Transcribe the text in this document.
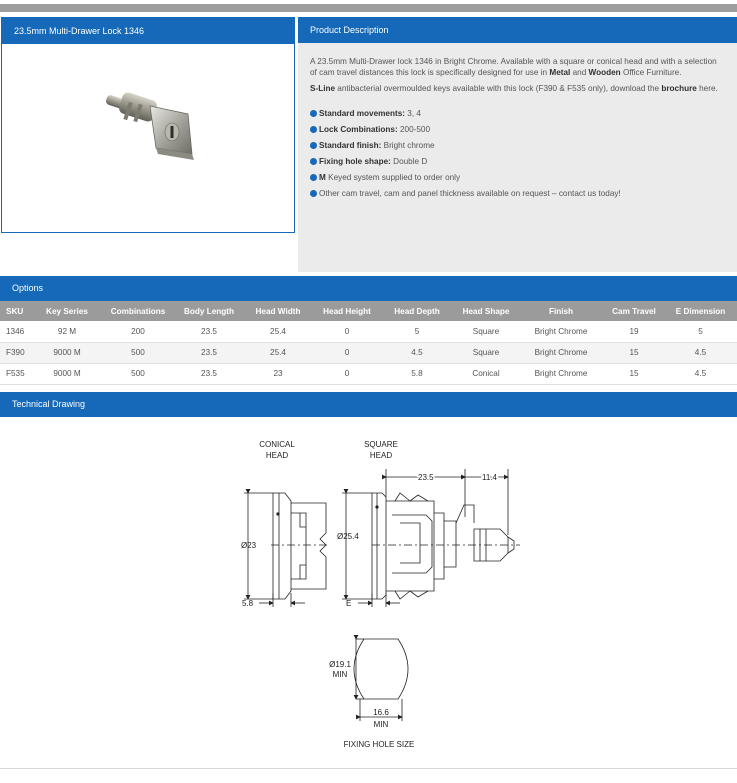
23.5mm Multi-Drawer Lock 1346	Product Description

A 23.5mm Multi-Drawer lock 1346 in Bright Chrome. Available with a square or conical head and with a selection of cam travel distances this lock is specifically designed for use in Metal and Wooden Office Furniture.

S-Line antibacterial overmoulded keys available with this lock (F390 & F535 only), download the brochure here.

Standard movements: 3, 4
Lock Combinations: 200-500
Standard finish: Bright chrome
Fixing hole shape: Double D
M Keyed system supplied to order only
Other cam travel, cam and panel thickness available on request – contact us today!
Options
SKU	Key Series	Combinations	Body Length	Head Width	Head Height	Head Depth	Head Shape	Finish	Cam Travel	E Dimension
1346	92 M	200	23.5	25.4	0	5	Square	Bright Chrome	19	5
F390	9000 M	500	23.5	25.4	0	4.5	Square	Bright Chrome	15	4.5
F535	9000 M	500	23.5	23	0	5.8	Conical	Bright Chrome	15	4.5
Technical Drawing
CONICAL
HEAD
SQUARE
HEAD
Ø23
Ø25.4
23.5	11.4
5.8	E
Ø19.1
MIN
16.6
MIN
FIXING HOLE SIZE
